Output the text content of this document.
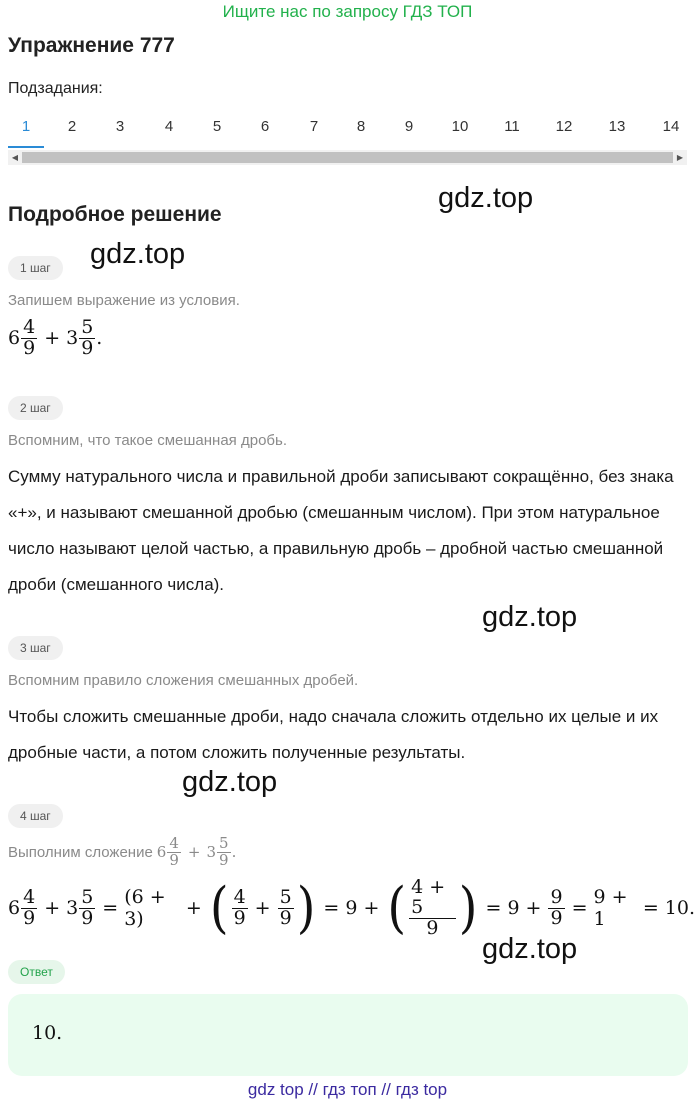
Ищите нас по запросу ГДЗ ТОП
Упражнение 777
Подзадания:
1	2	3	4	5	6	7	8	9	10	11	12	13	14
◀	▶
Подробное решение
gdz.top
gdz.top
gdz.top
gdz.top
gdz.top
1 шаг
Запишем выражение из условия.
$6 \frac{4}{9} + 3 \frac{5}{9}$ .
2 шаг
Вспомним, что такое смешанная дробь.
Сумму натурального числа и правильной дроби записывают сокращённо, без знака «+», и называют смешанной дробью (смешанным числом). При этом натуральное число называют целой частью, а правильную дробь – дробной частью смешанной дроби (смешанного числа).
3 шаг
Вспомним правило сложения смешанных дробей.
Чтобы сложить смешанные дроби, надо сначала сложить отдельно их целые и их дробные части, а потом сложить полученные результаты.
4 шаг
Выполним сложение $6 \frac{4}{9} + 3 \frac{5}{9}$ .
$6 \frac{4}{9} + 3 \frac{5}{9} = (6 + 3)$	+ ( $\frac{4}{9} + \frac{5}{9}$ ) = 9 + ( $\frac{4 + 5}{9}$ ) = $9 + \frac{9}{9} = 9 + 1$	= 10.
Ответ
10.
gdz top // гдз топ // гдз top
